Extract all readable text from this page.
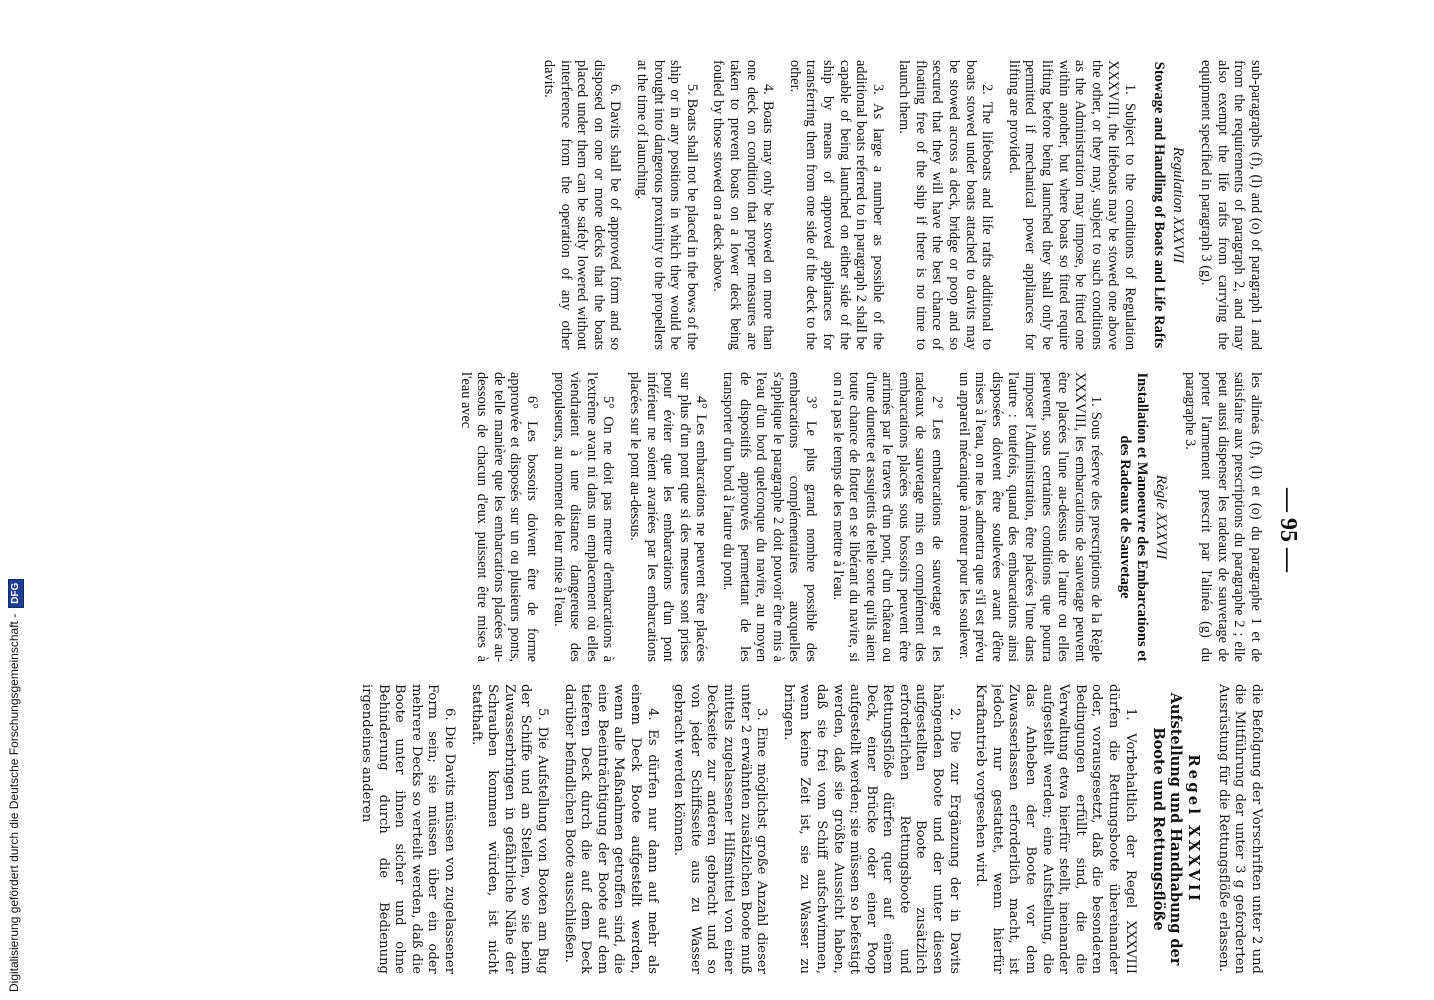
— 95 —

sub-paragraphs (f), (l) and (o) of paragraph 1 and from the requirements of paragraph 2, and may also exempt the life rafts from carrying the equipment specified in paragraph 3 (g).

Regulation XXXVII

Stowage and Handling of Boats and Life Rafts

1. Subject to the conditions of Regulation XXXVIII, the lifeboats may be stowed one above the other, or they may, subject to such conditions as the Administration may impose, be fitted one within another, but where boats so fitted require lifting before being launched they shall only be permitted if mechanical power appliances for lifting are provided.

2. The lifeboats and life rafts additional to boats stowed under boats attached to davits may be stowed across a deck, bridge or poop and so secured that they will have the best chance of floating free of the ship if there is no time to launch them.

3. As large a number as possible of the additional boats referred to in paragraph 2 shall be capable of being launched on either side of the ship by means of approved appliances for transferring them from one side of the deck to the other.

4. Boats may only be stowed on more than one deck on condition that proper measures are taken to prevent boats on a lower deck being fouled by those stowed on a deck above.

5. Boats shall not be placed in the bows of the ship or in any positions in which they would be brought into dangerous proximity to the propellers at the time of launching.

6. Davits shall be of approved form and so disposed on one or more decks that the boats placed under them can be safely lowered without interference from the operation of any other davits.

les alinéas (f), (l) et (o) du paragraphe 1 et de satisfaire aux prescriptions du paragraphe 2 ; elle peut aussi dispenser les radeaux de sauvetage de porter l'armement prescrit par l'alinéa (g) du paragraphe 3.

Règle XXXVII

Installation et Manoeuvre des Embarcations et des Radeaux de Sauvetage

1. Sous réserve des prescriptions de la Règle XXXVIII, les embarcations de sauvetage peuvent être placées l'une au-dessus de l'autre ou elles peuvent, sous certaines conditions que pourra imposer l'Administration, être placées l'une dans l'autre : toutefois, quand des embarcations ainsi disposées doivent être soulevées avant d'être mises à l'eau, on ne les admettra que s'il est prévu un appareil mécanique à moteur pour les soulever.

2° Les embarcations de sauvetage et les radeaux de sauvetage mis en complément des embarcations placées sous bossoirs peuvent être arrimés par le travers d'un pont, d'un château ou d'une dunette et assujettis de telle sorte qu'ils aient toute chance de flotter en se libérant du navire, si on n'a pas le temps de les mettre à l'eau.

3° Le plus grand nombre possible des embarcations complémentaires auxquelles s'applique le paragraphe 2 doit pouvoir être mis à l'eau d'un bord quelconque du navire, au moyen de dispositifs approuvés permettant de les transporter d'un bord à l'autre du pont.

4° Les embarcations ne peuvent être placées sur plus d'un pont que si des mesures sont prises pour éviter que les embarcations d'un pont inférieur ne soient avariées par les embarcations placées sur le pont au-dessus.

5° On ne doit pas mettre d'embarcations à l'extrême avant ni dans un emplacement où elles viendraient à une distance dangereuse des propulseurs, au moment de leur mise à l'eau.

6° Les bossoirs doivent être de forme approuvée et disposés sur un ou plusieurs ponts, de telle manière que les embarcations placées au-dessous de chacun d'eux puissent être mises à l'eau avec

die Befolgung der Vorschriften unter 2 und die Mitführung der unter 3 g geforderten Ausrüstung für die Rettungsflöße erlassen.

Regel XXXVII

Aufstellung und Handhabung der Boote und Rettungsflöße

1. Vorbehaltlich der Regel XXXVIII dürfen die Rettungsboote übereinander oder, vorausgesetzt, daß die besonderen Bedingungen erfüllt sind, die die Verwaltung etwa hierfür stellt, ineinander aufgestellt werden; eine Aufstellung, die das Anheben der Boote vor dem Zuwasserlassen erforderlich macht, ist jedoch nur gestattet, wenn hierfür Kraftantrieb vorgesehen wird.

2. Die zur Ergänzung der in Davits hängenden Boote und der unter diesen aufgestellten Boote zusätzlich erforderlichen Rettungsboote und Rettungsflöße dürfen quer auf einem Deck, einer Brücke oder einer Poop aufgestellt werden; sie müssen so befestigt werden, daß sie größte Aussicht haben, daß sie frei vom Schiff aufschwimmen, wenn keine Zeit ist, sie zu Wasser zu bringen.

3. Eine möglichst große Anzahl dieser unter 2 erwähnten zusätzlichen Boote muß mittels zugelassener Hilfsmittel von einer Deckseite zur anderen gebracht und so von jeder Schiffsseite aus zu Wasser gebracht werden können.

4. Es dürfen nur dann auf mehr als einem Deck Boote aufgestellt werden, wenn alle Maßnahmen getroffen sind, die eine Beeinträchtigung der Boote auf dem tieferen Deck durch die auf dem Deck darüber befindlichen Boote ausschließen.

5. Die Aufstellung von Booten am Bug der Schiffe und an Stellen, wo sie beim Zuwasserbringen in gefährliche Nähe der Schrauben kommen würden, ist nicht statthaft.

6. Die Davits müssen von zugelassener Form sein; sie müssen über ein oder mehrere Decks so verteilt werden, daß die Boote unter ihnen sicher und ohne Behinderung durch die Bedienung irgendeines anderen

Digitalisierung gefördert durch die Deutsche Forschungsgemeinschaft -DFG
